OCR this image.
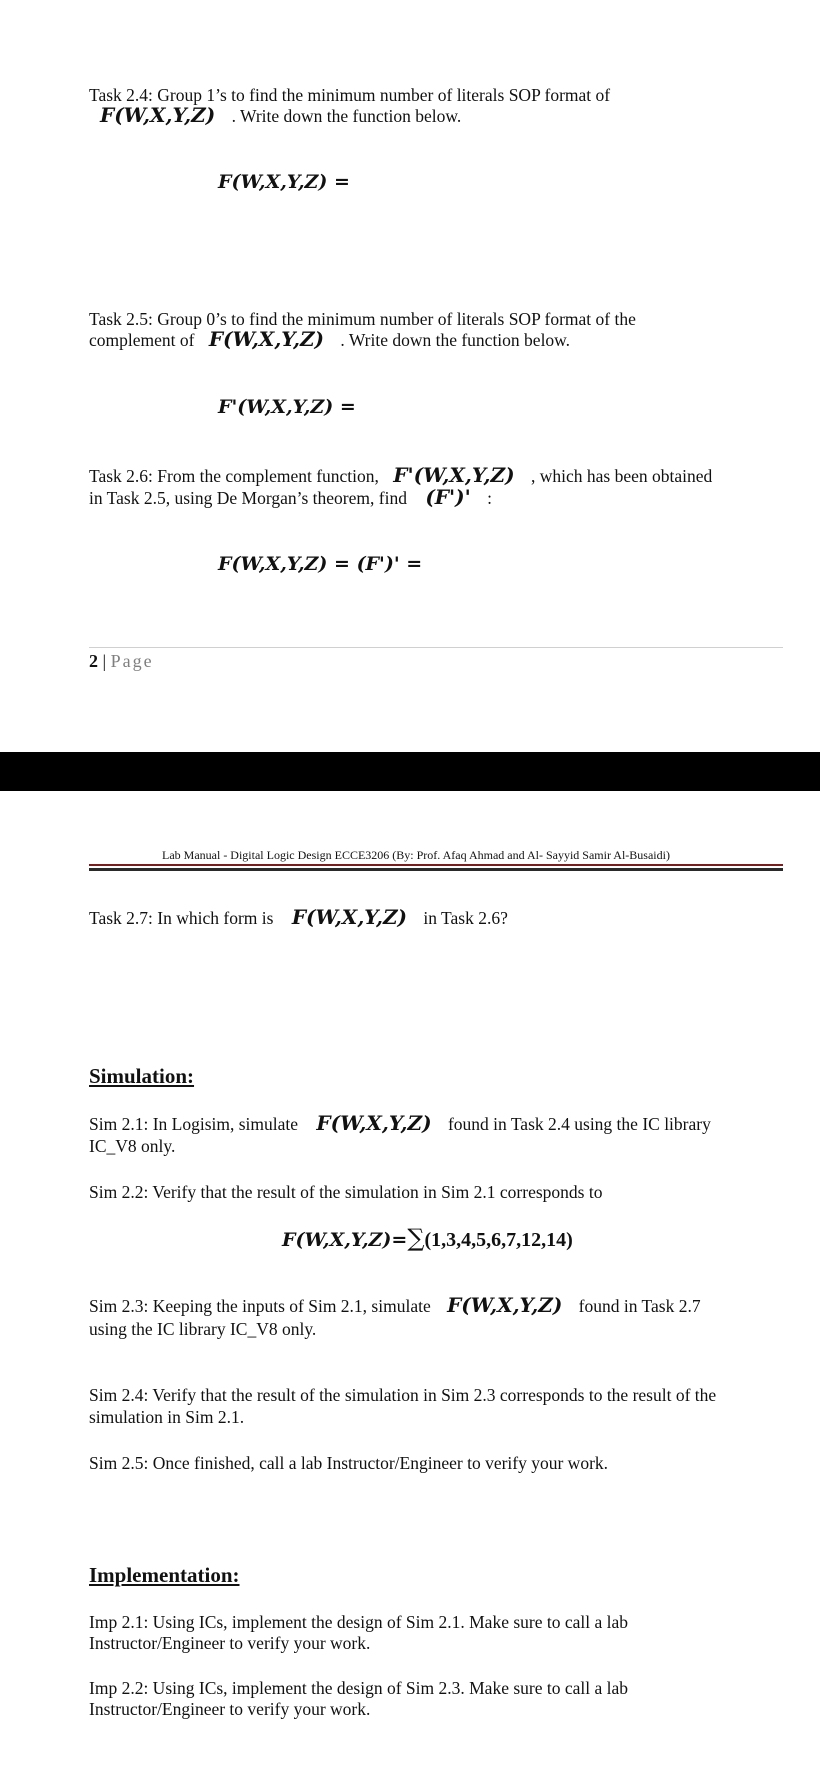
Task 2.4: Group 1’s to find the minimum number of literals SOP format of
F(W,X,Y,Z) . Write down the function below.
F(W,X,Y,Z) =
Task 2.5: Group 0’s to find the minimum number of literals SOP format of the
complement of F(W,X,Y,Z) . Write down the function below.
F'(W,X,Y,Z) =
Task 2.6: From the complement function, F'(W,X,Y,Z) , which has been obtained
in Task 2.5, using De Morgan’s theorem, find (F')' :
F(W,X,Y,Z) = (F')' =
2 | Page
Lab Manual - Digital Logic Design ECCE3206 (By: Prof. Afaq Ahmad and Al- Sayyid Samir Al-Busaidi)
Task 2.7: In which form is F(W,X,Y,Z) in Task 2.6?
Simulation:
Sim 2.1: In Logisim, simulate F(W,X,Y,Z) found in Task 2.4 using the IC library
IC_V8 only.
Sim 2.2: Verify that the result of the simulation in Sim 2.1 corresponds to
F(W,X,Y,Z)=∑(1,3,4,5,6,7,12,14)
Sim 2.3: Keeping the inputs of Sim 2.1, simulate F(W,X,Y,Z) found in Task 2.7
using the IC library IC_V8 only.
Sim 2.4: Verify that the result of the simulation in Sim 2.3 corresponds to the result of the
simulation in Sim 2.1.
Sim 2.5: Once finished, call a lab Instructor/Engineer to verify your work.
Implementation:
Imp 2.1: Using ICs, implement the design of Sim 2.1. Make sure to call a lab
Instructor/Engineer to verify your work.
Imp 2.2: Using ICs, implement the design of Sim 2.3. Make sure to call a lab
Instructor/Engineer to verify your work.
